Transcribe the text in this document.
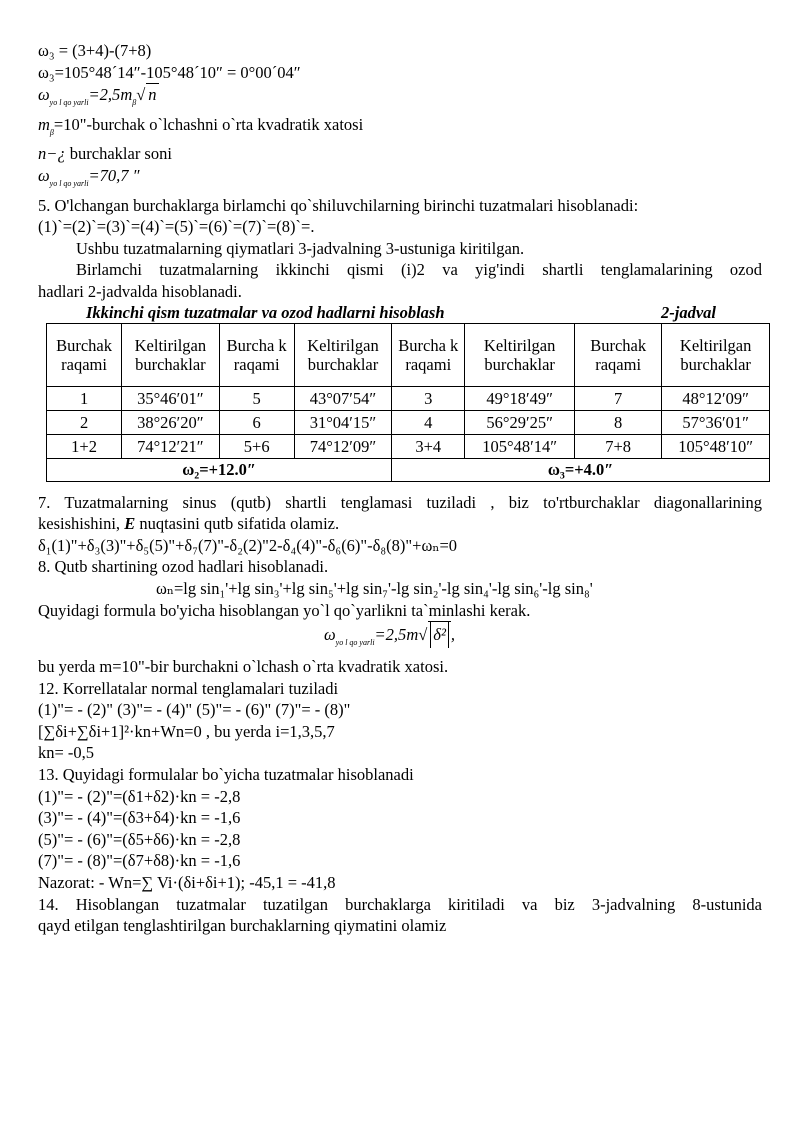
ω₃ = (3+4)-(7+8)
ω₃=105°48´14″-105°48´10″ = 0°00´04″
$\omega_{yo l qo yarli}=2,5m_\beta√$ n
$m_\beta=10$"-burchak o`lchashni o`rta kvadratik xatosi
n−¿ burchaklar soni
$\omega_{yo l qo yarli}=70,7$ ″
5. O'lchangan burchaklarga birlamchi qo`shiluvchilarning birinchi tuzatmalari hisoblanadi:
(1)`=(2)`=(3)`=(4)`=(5)`=(6)`=(7)`=(8)`=.
Ushbu tuzatmalarning qiymatlari 3-jadvalning 3-ustuniga kiritilgan.
Birlamchi tuzatmalarning ikkinchi qismi (i)2 va yig'indi shartli tenglamalarining ozod
hadlari 2-jadvalda hisoblanadi.
Ikkinchi qism tuzatmalar va ozod hadlarni hisoblash	2-jadval
Burchak raqami	Keltirilgan burchaklar	Burcha k raqami	Keltirilgan burchaklar	Burcha k raqami	Keltirilgan burchaklar	Burchak raqami	Keltirilgan burchaklar
1	35°46′01″	5	43°07′54″	3	49°18′49″	7	48°12′09″
2	38°26′20″	6	31°04′15″	4	56°29′25″	8	57°36′01″
1+2	74°12′21″	5+6	74°12′09″	3+4	105°48′14″	7+8	105°48′10″
ω₂=+12.0″				ω₃=+4.0″			
7. Tuzatmalarning sinus (qutb) shartli tenglamasi tuziladi , biz to'rtburchaklar diagonallarining
kesishishini, E nuqtasini qutb sifatida olamiz.
δ₁(1)"+δ₃(3)"+δ₅(5)"+δ₇(7)"-δ₂(2)"2-δ₄(4)"-δ₆(6)"-δ₈(8)"+ωₙ=0
8. Qutb shartining ozod hadlari hisoblanadi.
ωₙ=lg sin₁'+lg sin₃'+lg sin₅'+lg sin₇'-lg sin₂'-lg sin₄'-lg sin₆'-lg sin₈'
Quyidagi formula bo'yicha hisoblangan yo`l qo`yarlikni ta`minlashi kerak.
$\omega_{yo l qo yarli}=2,5m√$ δ² ,
bu yerda m=10"-bir burchakni o`lchash o`rta kvadratik xatosi.
12. Korrellatalar normal tenglamalari tuziladi
(1)"= - (2)" (3)"= - (4)" (5)"= - (6)" (7)"= - (8)"
[∑δi+∑δi+1]²·kn+Wn=0 , bu yerda i=1,3,5,7
kn= -0,5
13. Quyidagi formulalar bo`yicha tuzatmalar hisoblanadi
(1)"= - (2)"=(δ1+δ2)·kn = -2,8
(3)"= - (4)"=(δ3+δ4)·kn = -1,6
(5)"= - (6)"=(δ5+δ6)·kn = -2,8
(7)"= - (8)"=(δ7+δ8)·kn = -1,6
Nazorat: - Wn=∑ Vi·(δi+δi+1); -45,1 = -41,8
14. Hisoblangan tuzatmalar tuzatilgan burchaklarga kiritiladi va biz 3-jadvalning 8-ustunida
qayd etilgan tenglashtirilgan burchaklarning qiymatini olamiz
